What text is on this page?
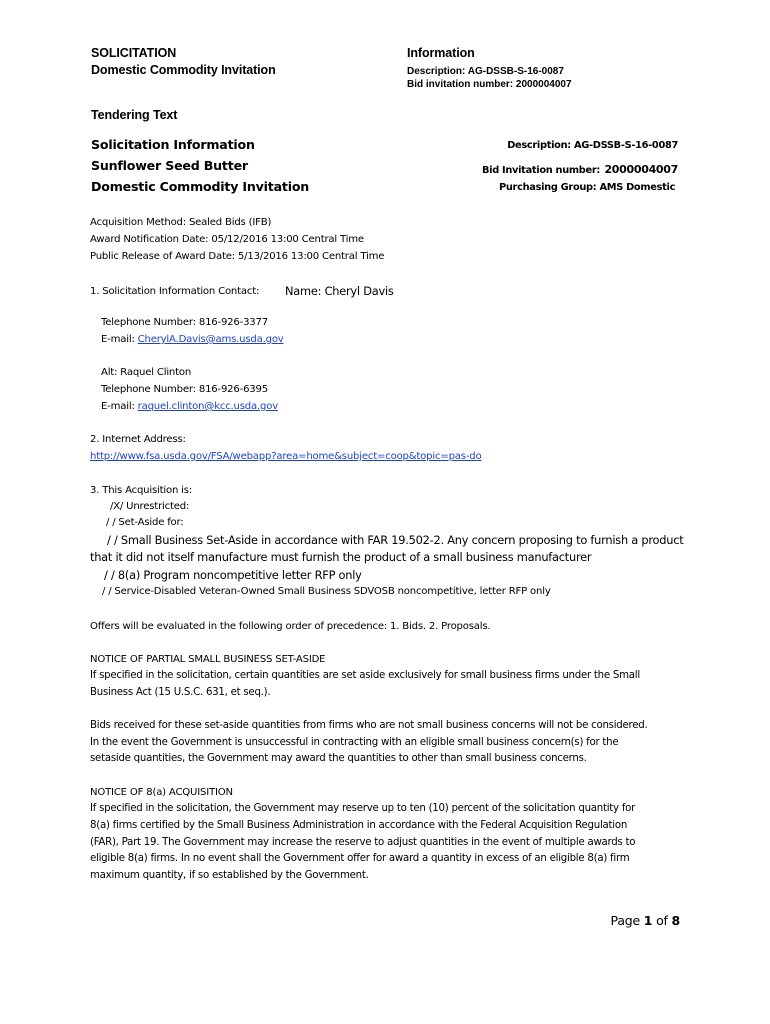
SOLICITATION
Domestic Commodity Invitation
Information
Description: AG-DSSB-S-16-0087
Bid invitation number: 2000004007
Tendering Text
Solicitation Information
Sunflower Seed Butter
Domestic Commodity Invitation
Description: AG-DSSB-S-16-0087
Bid Invitation number: 2000004007
Purchasing Group: AMS Domestic
Acquisition Method: Sealed Bids (IFB)
Award Notification Date: 05/12/2016 13:00 Central Time
Public Release of Award Date: 5/13/2016 13:00 Central Time
1. Solicitation Information Contact: Name: Cheryl Davis
Telephone Number: 816-926-3377
E-mail: CherylA.Davis@ams.usda.gov
Alt: Raquel Clinton
Telephone Number: 816-926-6395
E-mail: raquel.clinton@kcc.usda.gov
2. Internet Address:
http://www.fsa.usda.gov/FSA/webapp?area=home&subject=coop&topic=pas-do
3. This Acquisition is:
/X/ Unrestricted:
/ / Set-Aside for:
/ / Small Business Set-Aside in accordance with FAR 19.502-2. Any concern proposing to furnish a product
that it did not itself manufacture must furnish the product of a small business manufacturer
/ / 8(a) Program noncompetitive letter RFP only
/ / Service-Disabled Veteran-Owned Small Business SDVOSB noncompetitive, letter RFP only
Offers will be evaluated in the following order of precedence: 1. Bids. 2. Proposals.
NOTICE OF PARTIAL SMALL BUSINESS SET-ASIDE
If specified in the solicitation, certain quantities are set aside exclusively for small business firms under the Small
Business Act (15 U.S.C. 631, et seq.).
Bids received for these set-aside quantities from firms who are not small business concerns will not be considered.
In the event the Government is unsuccessful in contracting with an eligible small business concern(s) for the
setaside quantities, the Government may award the quantities to other than small business concerns.
NOTICE OF 8(a) ACQUISITION
If specified in the solicitation, the Government may reserve up to ten (10) percent of the solicitation quantity for
8(a) firms certified by the Small Business Administration in accordance with the Federal Acquisition Regulation
(FAR), Part 19. The Government may increase the reserve to adjust quantities in the event of multiple awards to
eligible 8(a) firms. In no event shall the Government offer for award a quantity in excess of an eligible 8(a) firm
maximum quantity, if so established by the Government.
Page 1 of 8
